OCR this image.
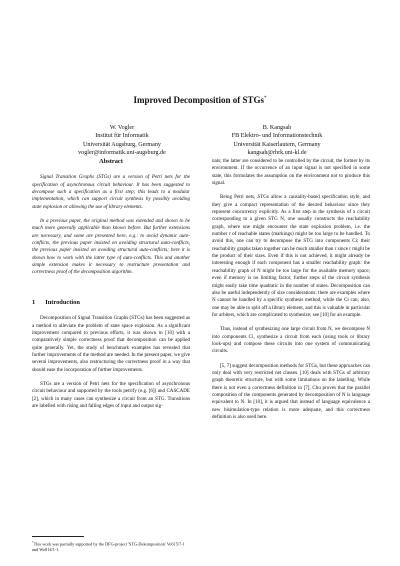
Improved Decomposition of STGs*
W. Vogler
Institut für Informatik
Universität Augsburg, Germany
vogler@informatik.uni-augsburg.de
B. Kangsah
FB Elektro- und Informationstechnik
Universität Kaiserlautern, Germany
kangsah@rhrk.uni-kl.de
Abstract

Signal Transition Graphs (STGs) are a version of Petri nets for the specification of asynchronous circuit behaviour. It has been suggested to decompose such a specification as a first step; this leads to a modular implementation, which can support circuit synthesis by possibly avoiding state explosion or allowing the use of library elements.

In a previous paper, the original method was extended and shown to be much more generally applicable than known before. But further extensions are necessary, and some are presented here, e.g.: to avoid dynamic auto-conflicts, the previous paper insisted on avoiding structural auto-conflicts, the previous paper insisted on avoiding structural auto-conflicts; here it is shown how to work with the latter type of auto-conflicts. This and another simple extension makes it necessary to restructure presentation and correctness proof of the decomposition algorithm.

1 Introduction

Decomposition of Signal Transition Graphs (STGs) has been suggested as a method to alleviate the problem of state space explosion. As a significant improvement compared to previous efforts, it was shown in [10] with a comparatively simple correctness proof that decomposition can be applied quite generally. Yet, the study of benchmark examples has revealed that further improvements of the method are needed. In the present paper, we give several improvements, also restructuring the correctness proof in a way that should ease the incorporation of further improvements.

STGs are a version of Petri nets for the specification of asynchronous circuit behaviour and supported by the tools petrify (e.g. [6]) and CASCADE [2], which in many cases can synthesize a circuit from an STG. Transitions are labelled with rising and falling edges of input and output sig-

nals; the latter are considered to be controlled by the circuit, the former by its environment. If the occurrence of an input signal is not specified in some state, this formulates the assumption on the environment not to produce this signal.

Being Petri nets, STGs allow a causality-based specification style, and they give a compact representation of the desired behaviour since they represent concurrency explicitly. As a first step in the synthesis of a circuit corresponding to a given STG N, one usually constructs the reachability graph, where one might encounter the state explosion problem, i.e. the number r of reachable states (markings) might be too large to be handled. To avoid this, one can try to decompose the STG into components Ci; their reachability graphs taken together can be much smaller than r since r might be the product of their sizes. Even if this is not achieved, it might already be interesting enough if each component has a smaller reachability graph: the reachability graph of N might be too large for the available memory space; even if memory is no limiting factor, further steps of the circuit synthesis might easily take time quadratic in the number of states. Decomposition can also be useful independently of size considerations: there are examples where N cannot be handled by a specific synthesis method, while the Ci can; also, one may be able to split off a library element, and this is valuable in particular for arbiters, which are complicated to synthesize; see [10] for an example.

Thus, instead of synthesizing one large circuit from N, we decompose N into components Ci, synthesize a circuit from each (using tools or library look-ups) and compose these circuits into one system of communicating circuits.

[5, 7] suggest decomposition methods for STGs, but these approaches can only deal with very restricted net classes. [10] deals with STGs of arbitrary graph theoretic structure, but with some limitations on the labelling. While there is not even a correctness definition in [7], Chu proves that the parallel composition of the components generated by decomposition of N is language equivalent to N. In [10], it is argued that instead of language equivalence a new bisimulation-type relation is more adequate, and this correctness definition is also used here.

*This work was partially supported by the DFG-project 'STG-Dekomposition' Vo615/7-1 and Wo814/1-1.
